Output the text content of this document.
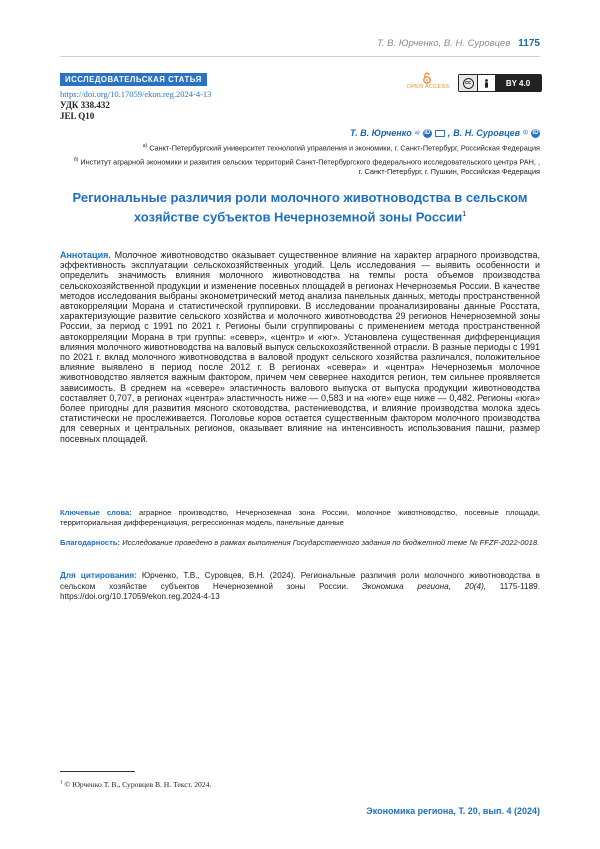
Т. В. Юрченко, В. Н. Суровцев 1175
ИССЛЕДОВАТЕЛЬСКАЯ СТАТЬЯ
https://doi.org/10.17059/ekon.reg.2024-4-13
УДК 338.432
JEL Q10
OPEN ACCESS
cc	BY 4.0
Т. В. Юрченко a) iD , В. Н. Суровцев б) iD
$^{а)}$ Санкт-Петербургский университет технологий управления и экономики, г. Санкт-Петербург, Российская Федерация
$^{б)}$ Институт аграрной экономики и развития сельских территорий Санкт-Петербургского федерального исследовательского центра РАН, , г. Санкт-Петербург, г. Пушкин, Российская Федерация
Региональные различия роли молочного животноводства в сельском хозяйстве субъектов Нечерноземной зоны России$^1$
Аннотация. Молочное животноводство оказывает существенное влияние на характер аграрного производства, эффективность эксплуатации сельскохозяйственных угодий. Цель исследования — выявить особенности и определить значимость влияния молочного животноводства на темпы роста объемов производства сельскохозяйственной продукции и изменение посевных площадей в регионах Нечерноземья России. В качестве методов исследования выбраны эконометрический метод анализа панельных данных, методы пространственной автокорреляции Морана и статистической группировки. В исследовании проанализированы данные Росстата, характеризующие развитие сельского хозяйства и молочного животноводства 29 регионов Нечерноземной зоны России, за период с 1991 по 2021 г. Регионы были сгруппированы с применением метода пространственной автокорреляции Морана в три группы: «север», «центр» и «юг». Установлена существенная дифференциация влияния молочного животноводства на валовый выпуск сельскохозяйственной отрасли. В разные периоды с 1991 по 2021 г. вклад молочного животноводства в валовой продукт сельского хозяйства различался, положительное влияние выявлено в период после 2012 г. В регионах «севера» и «центра» Нечерноземья молочное животноводство является важным фактором, причем чем севернее находится регион, тем сильнее проявляется зависимость. В среднем на «севере» эластичность валового выпуска от выпуска продукции животноводства составляет 0,707, в регионах «центра» эластичность ниже — 0,583 и на «юге» еще ниже — 0,482. Регионы «юга» более пригодны для развития мясного скотоводства, растениеводства, и влияние производства молока здесь статистически не прослеживается. Поголовье коров остается существенным фактором молочного производства для северных и центральных регионов, оказывает влияние на интенсивность использования пашни, размер посевных площадей.
Ключевые слова: аграрное производство, Нечерноземная зона России, молочное животноводство, посевные площади, территориальная дифференциация, регрессионная модель, панельные данные
Благодарность: Исследование проведено в рамках выполнения Государственного задания по бюджетной теме № FFZF-2022-0018.
Для цитирования: Юрченко, Т.В., Суровцев, В.Н. (2024). Региональные различия роли молочного животноводства в сельском хозяйстве субъектов Нечерноземной зоны России. Экономика региона, 20(4), 1175-1189. https://doi.org/10.17059/ekon.reg.2024-4-13
$^1$ © Юрченко Т. В., Суровцев В. Н. Текст. 2024.
Экономика региона, Т. 20, вып. 4 (2024)
